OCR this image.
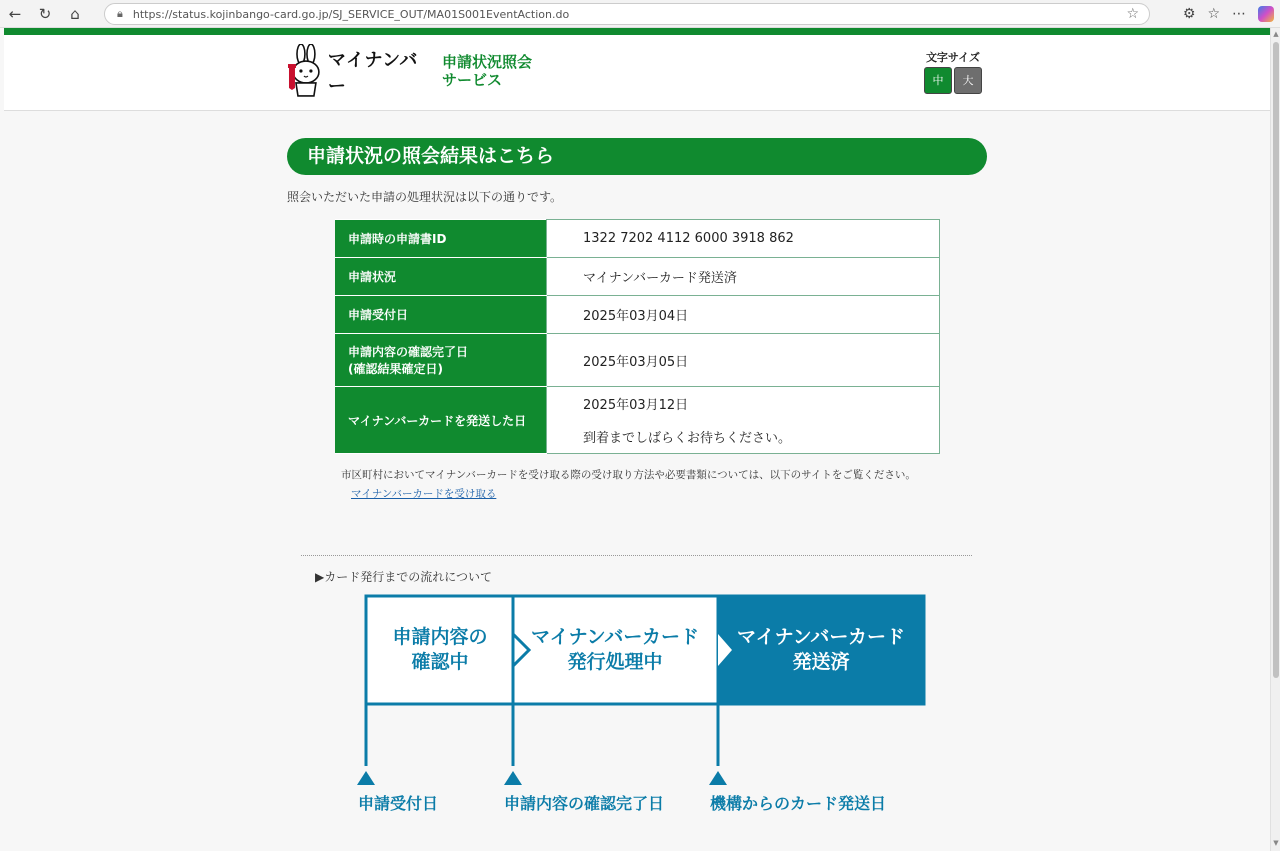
←	↻	⌂	🔒︎ https://status.kojinbango-card.go.jp /SJ_SERVICE_OUT/MA01S001EventAction.do	☆	⚙ ☆ ⋯
▲
▼
マイナンバー
申請状況照会
サービス
文字サイズ
中 大
申請状況の照会結果はこちら
照会いただいた申請の処理状況は以下の通りです。
申請時の申請書ID	1322 7202 4112 6000 3918 862
申請状況	マイナンバーカード発送済
申請受付日	2025年03月04日

申請内容の確認完了日
(確認結果確定日)	2025年03月05日
マイナンバーカードを発送した日	2025年03月12日
到着までしばらくお待ちください。
市区町村においてマイナンバーカードを受け取る際の受け取り方法や必要書類については、以下のサイトをご覧ください。
マイナンバーカードを受け取る
▶カード発行までの流れについて
申請内容の
確認中
マイナンバーカード
発行処理中
マイナンバーカード
発送済
申請受付日	申請内容の確認完了日	機構からのカード発送日
